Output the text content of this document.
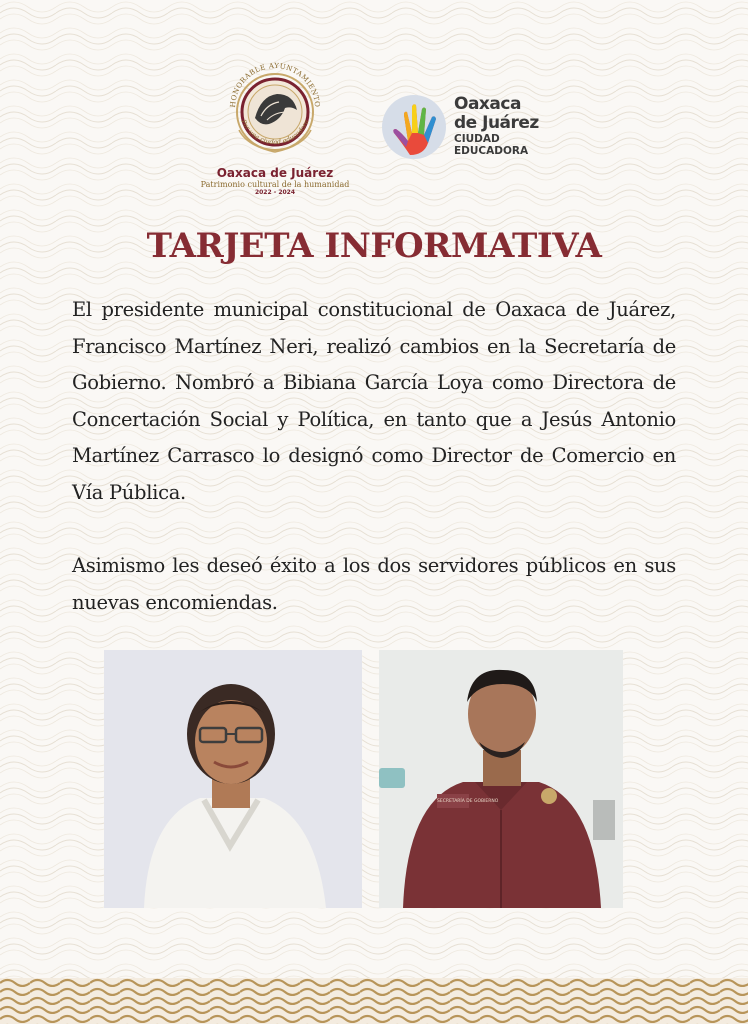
HONORABLE AYUNTAMIENTO
Por una ciudad educadora
Oaxaca de Juárez
Patrimonio cultural de la humanidad
2022 - 2024
Oaxaca
de Juárez
CIUDAD
EDUCADORA
TARJETA INFORMATIVA

El presidente municipal constitucional de Oaxaca de Juárez, Francisco Martínez Neri, realizó cambios en la Secretaría de Gobierno. Nombró a Bibiana García Loya como Directora de Concertación Social y Política, en tanto que a Jesús Antonio Martínez Carrasco lo designó como Director de Comercio en Vía Pública.

Asimismo les deseó éxito a los dos servidores públicos en sus nuevas encomiendas.

SECRETARÍA DE GOBIERNO
